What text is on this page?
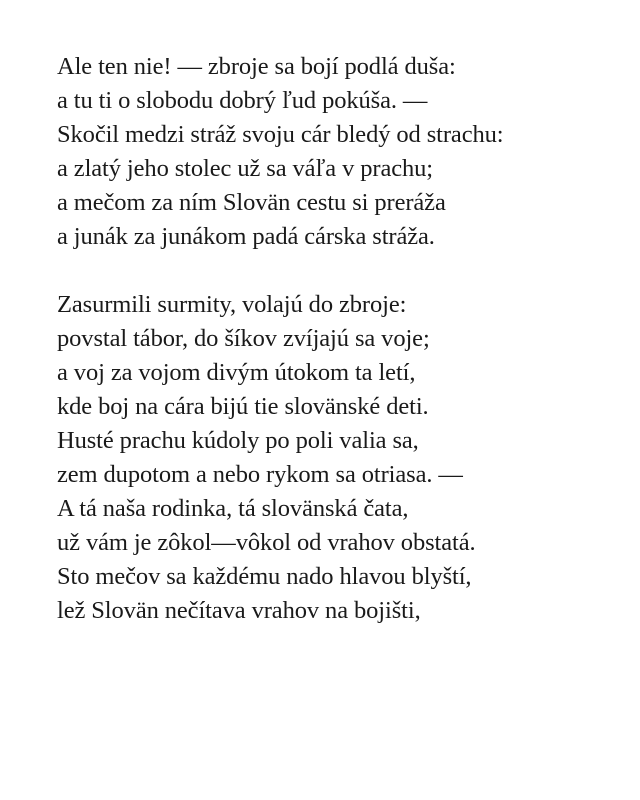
Ale ten nie! — zbroje sa bojí podlá duša:
a tu ti o slobodu dobrý ľud pokúša. —
Skočil medzi stráž svoju cár bledý od strachu:
a zlatý jeho stolec už sa váľa v prachu;
a mečom za ním Slovän cestu si preráža
a junák za junákom padá cárska stráža.
Zasurmili surmity, volajú do zbroje:
povstal tábor, do šíkov zvíjajú sa voje;
a voj za vojom divým útokom ta letí,
kde boj na cára bijú tie slovänské deti.
Husté prachu kúdoly po poli valia sa,
zem dupotom a nebo rykom sa otriasa. —
A tá naša rodinka, tá slovänská čata,
už vám je zôkol—vôkol od vrahov obstatá.
Sto mečov sa každému nado hlavou blyští,
lež Slovän nečítava vrahov na bojišti,
